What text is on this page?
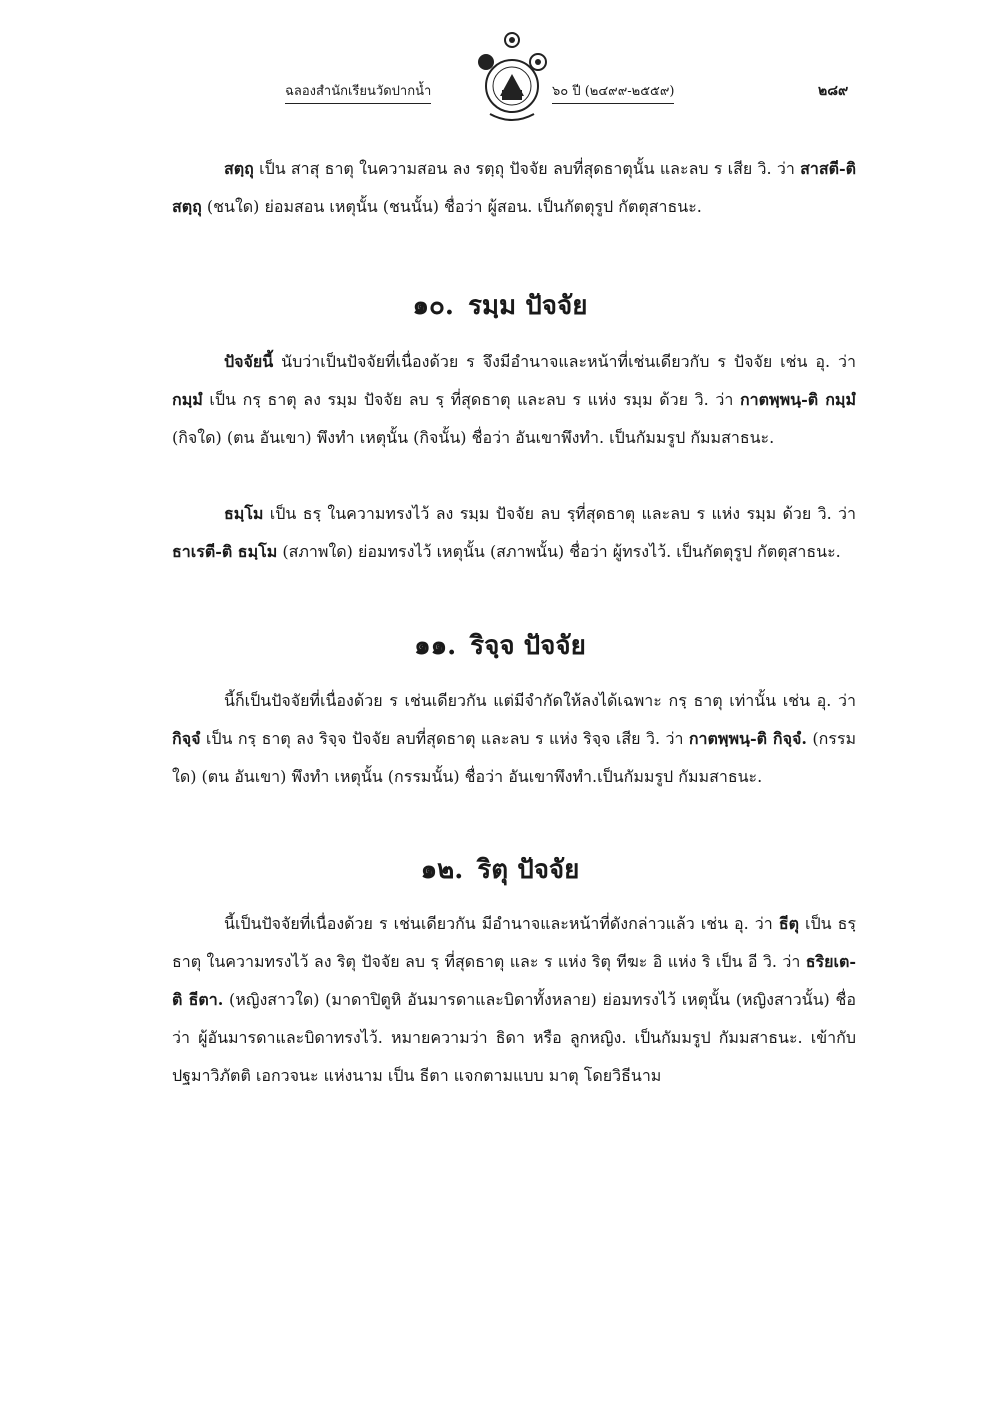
ฉลองสำนักเรียนวัดปากน้ำ	๖๐ ปี (๒๔๙๙-๒๕๕๙)	๒๘๙

สตฺถุ เป็น สาสุ ธาตุ ในความสอน ลง รตฺถุ ปัจจัย ลบที่สุดธาตุนั้น และลบ ร เสีย วิ. ว่า สาสตี-ติ สตฺถุ (ชนใด) ย่อมสอน เหตุนั้น (ชนนั้น) ชื่อว่า ผู้สอน. เป็นกัตตุรูป กัตตุสาธนะ.

๑๐. รมฺม ปัจจัย

ปัจจัยนี้ นับว่าเป็นปัจจัยที่เนื่องด้วย ร จึงมีอำนาจและหน้าที่เช่นเดียวกับ ร ปัจจัย เช่น อุ. ว่า กมฺมํ เป็น กรฺ ธาตุ ลง รมฺม ปัจจัย ลบ รฺ ที่สุดธาตุ และลบ ร แห่ง รมฺม ด้วย วิ. ว่า กาตพฺพนฺ-ติ กมฺมํ (กิจใด) (ตน อันเขา) พึงทำ เหตุนั้น (กิจนั้น) ชื่อว่า อันเขาพึงทำ. เป็นกัมมรูป กัมมสาธนะ.

ธมฺโม เป็น ธรฺ ในความทรงไว้ ลง รมฺม ปัจจัย ลบ รฺที่สุดธาตุ และลบ ร แห่ง รมฺม ด้วย วิ. ว่า ธาเรตี-ติ ธมฺโม (สภาพใด) ย่อมทรงไว้ เหตุนั้น (สภาพนั้น) ชื่อว่า ผู้ทรงไว้. เป็นกัตตุรูป กัตตุสาธนะ.

๑๑. ริจฺจ ปัจจัย

นี้ก็เป็นปัจจัยที่เนื่องด้วย ร เช่นเดียวกัน แต่มีจำกัดให้ลงได้เฉพาะ กรฺ ธาตุ เท่านั้น เช่น อุ. ว่า กิจฺจํ เป็น กรฺ ธาตุ ลง ริจฺจ ปัจจัย ลบที่สุดธาตุ และลบ ร แห่ง ริจฺจ เสีย วิ. ว่า กาตพฺพนฺ-ติ กิจฺจํ. (กรรมใด) (ตน อันเขา) พึงทำ เหตุนั้น (กรรมนั้น) ชื่อว่า อันเขาพึงทำ.เป็นกัมมรูป กัมมสาธนะ.

๑๒. ริตุ ปัจจัย

นี้เป็นปัจจัยที่เนื่องด้วย ร เช่นเดียวกัน มีอำนาจและหน้าที่ดังกล่าวแล้ว เช่น อุ. ว่า ธีตุ เป็น ธรฺ ธาตุ ในความทรงไว้ ลง ริตุ ปัจจัย ลบ รฺ ที่สุดธาตุ และ ร แห่ง ริตุ ทีฆะ อิ แห่ง ริ เป็น อี วิ. ว่า ธริยเต-ติ ธีตา. (หญิงสาวใด) (มาดาปิตูหิ อันมารดาและบิดาทั้งหลาย) ย่อมทรงไว้ เหตุนั้น (หญิงสาวนั้น) ชื่อว่า ผู้อันมารดาและบิดาทรงไว้. หมายความว่า ธิดา หรือ ลูกหญิง. เป็นกัมมรูป กัมมสาธนะ. เข้ากับปฐมาวิภัตติ เอกวจนะ แห่งนาม เป็น ธีตา แจกตามแบบ มาตุ โดยวิธีนาม
